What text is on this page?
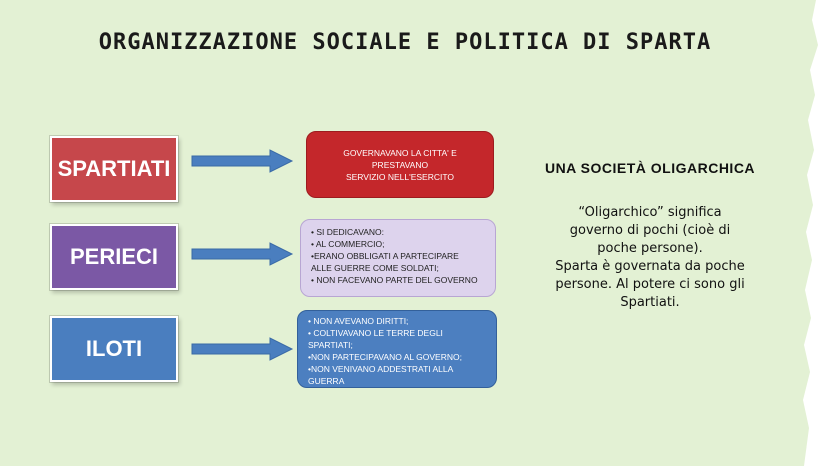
ORGANIZZAZIONE SOCIALE E POLITICA DI SPARTA
SPARTIATI
PERIECI
ILOTI
GOVERNAVANO LA CITTA' E
PRESTAVANO
SERVIZIO NELL'ESERCITO
• SI DEDICAVANO:
• AL COMMERCIO;
•ERANO OBBLIGATI A PARTECIPARE
ALLE GUERRE COME SOLDATI;
• NON FACEVANO PARTE DEL GOVERNO
• NON AVEVANO DIRITTI;
• COLTIVAVANO LE TERRE DEGLI
SPARTIATI;
•NON PARTECIPAVANO AL GOVERNO;
•NON VENIVANO ADDESTRATI ALLA
GUERRA
UNA SOCIETÀ OLIGARCHICA
“Oligarchico” significa
governo di pochi (cioè di
poche persone).
Sparta è governata da poche
persone. Al potere ci sono gli
Spartiati.
